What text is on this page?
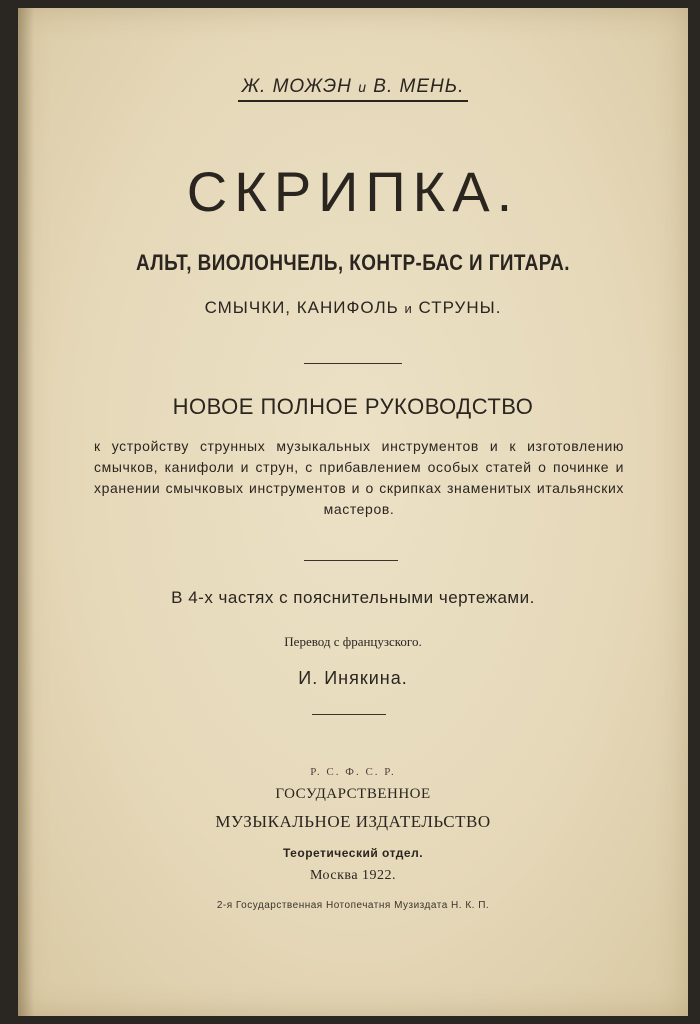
Ж. МОЖЭН и В. МЕНЬ.
СКРИПКА.
АЛЬТ, ВИОЛОНЧЕЛЬ, КОНТР-БАС И ГИТАРА.
СМЫЧКИ, КАНИФОЛЬ и СТРУНЫ.
НОВОЕ ПОЛНОЕ РУКОВОДСТВО
к устройству струнных музыкальных инструментов и к изготовлению смычков, канифоли и струн, с прибавлением особых статей о починке и хранении смычковых инструментов и о скрипках знаменитых итальянских мастеров.
В 4-х частях с пояснительными чертежами.
Перевод с французского.
И. Инякина.
Р. С. Ф. С. Р.
ГОСУДАРСТВЕННОЕ
МУЗЫКАЛЬНОЕ ИЗДАТЕЛЬСТВО
Теоретический отдел.
Москва 1922.
2-я Государственная Нотопечатня Музиздата Н. К. П.
